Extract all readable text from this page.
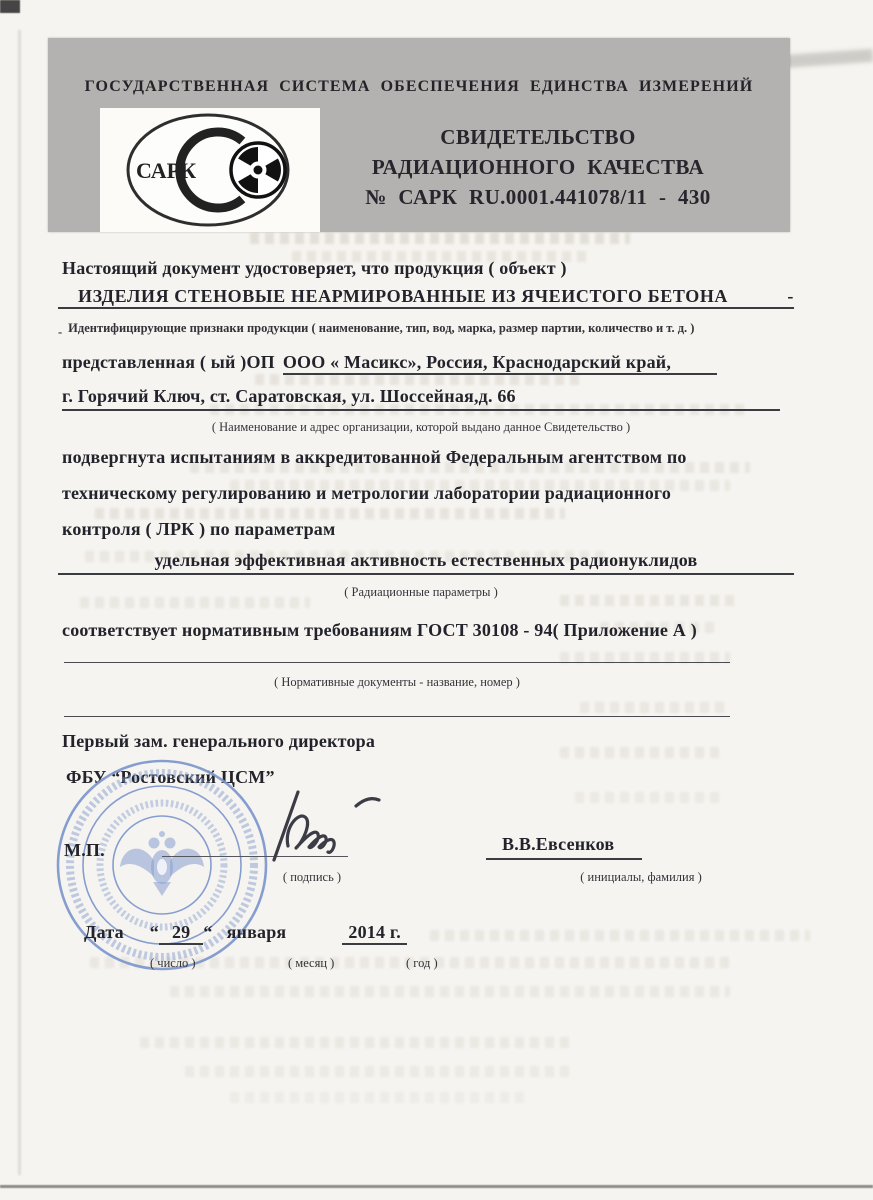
ГОСУДАРСТВЕННАЯ СИСТЕМА ОБЕСПЕЧЕНИЯ ЕДИНСТВА ИЗМЕРЕНИЙ
САРК
СВИДЕТЕЛЬСТВО
РАДИАЦИОННОГО КАЧЕСТВА
№ САРК RU.0001.441078/11 - 430
Настоящий документ удостоверяет, что продукция ( объект )
ИЗДЕЛИЯ СТЕНОВЫЕ НЕАРМИРОВАННЫЕ ИЗ ЯЧЕИСТОГО БЕТОНА	-
- Идентифицирующие признаки продукции ( наименование, тип, вод, марка, размер партии, количество и т. д. )
представленная ( ый )ОП ООО « Масикс», Россия, Краснодарский край,

г. Горячий Ключ, ст. Саратовская, ул. Шоссейная,д. 66
( Наименование и адрес организации, которой выдано данное Свидетельство )
подвергнута испытаниям в аккредитованной Федеральным агентством по
техническому регулированию и метрологии лаборатории радиационного
контроля ( ЛРК ) по параметрам
удельная эффективная активность естественных радионуклидов
( Радиационные параметры )
соответствует нормативным требованиям ГОСТ 30108 - 94( Приложение А )
( Нормативные документы - название, номер )
Первый зам. генерального директора
ФБУ “Ростовский ЦСМ”
М.П.	В.В.Евсенков
( подпись )	( инициалы, фамилия )
Дата “ 29 “ января	2014 г.
( число )	( месяц )	( год )
